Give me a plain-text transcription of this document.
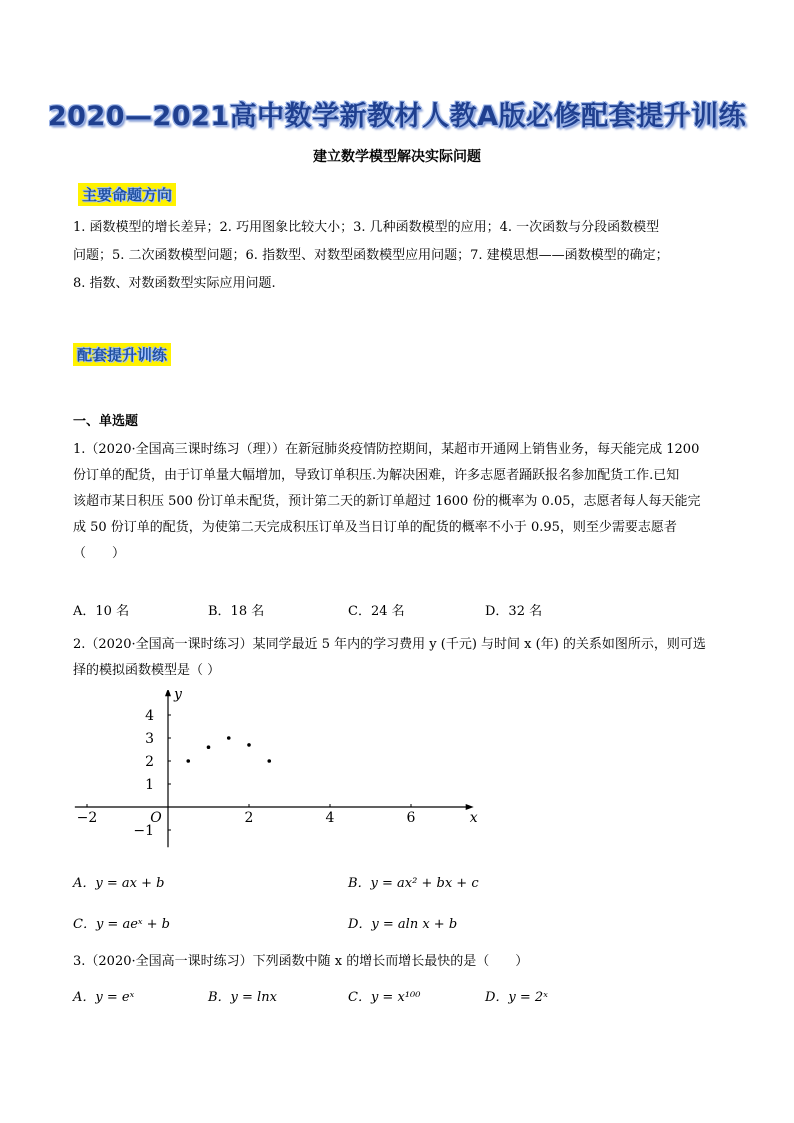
2020—2021高中数学新教材人教A版必修配套提升训练
建立数学模型解决实际问题
主要命题方向
1. 函数模型的增长差异；2. 巧用图象比较大小；3. 几种函数模型的应用；4. 一次函数与分段函数模型
问题；5. 二次函数模型问题；6. 指数型、对数型函数模型应用问题；7. 建模思想——函数模型的确定；
8. 指数、对数函数型实际应用问题.
配套提升训练
一、单选题
1.（2020·全国高三课时练习（理））在新冠肺炎疫情防控期间，某超市开通网上销售业务，每天能完成 1200
份订单的配货，由于订单量大幅增加，导致订单积压.为解决困难，许多志愿者踊跃报名参加配货工作.已知
该超市某日积压 500 份订单未配货，预计第二天的新订单超过 1600 份的概率为 0.05，志愿者每人每天能完
成 50 份订单的配货，为使第二天完成积压订单及当日订单的配货的概率不小于 0.95，则至少需要志愿者
（　　）
A．10 名	B．18 名	C．24 名	D．32 名
2.（2020·全国高一课时练习）某同学最近 5 年内的学习费用 y (千元) 与时间 x (年) 的关系如图所示，则可选
择的模拟函数模型是（ ）
−2	O	2	4	6
4
3
2
1
−1
x
y
A．y = ax + b	B．y = ax² + bx + c
C．y = aeˣ + b	D．y = aln x + b
3.（2020·全国高一课时练习）下列函数中随 x 的增长而增长最快的是（　　）
A．y = eˣ	B．y = lnx	C．y = x¹⁰⁰	D．y = 2ˣ
